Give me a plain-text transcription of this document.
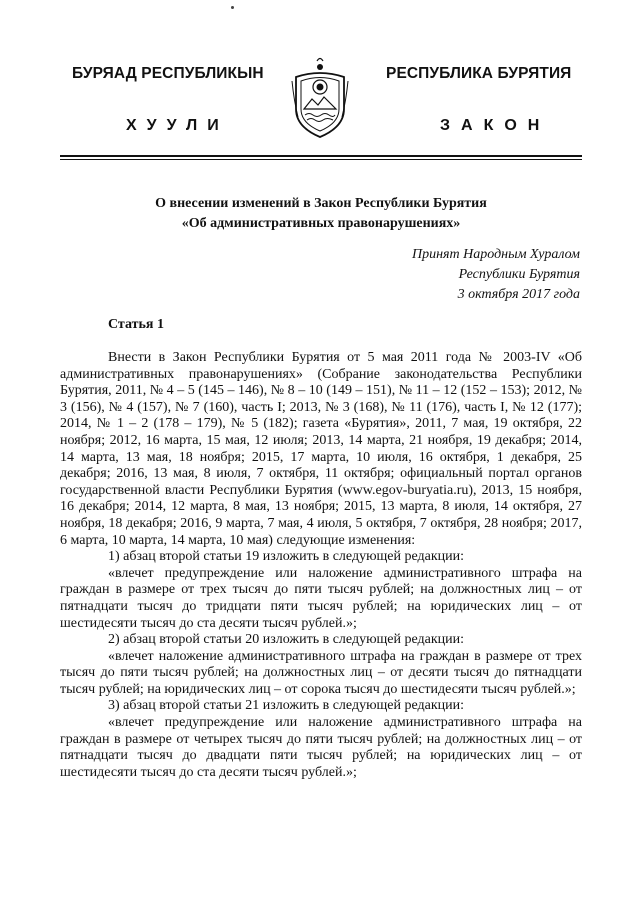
БУРЯАД РЕСПУБЛИКЫН
ХУУЛИ
РЕСПУБЛИКА БУРЯТИЯ
ЗАКОН
О внесении изменений в Закон Республики Бурятия
«Об административных правонарушениях»
Принят Народным Хуралом
Республики Бурятия
3 октября 2017 года
Статья 1

Внести в Закон Республики Бурятия от 5 мая 2011 года № 2003-IV «Об административных правонарушениях» (Собрание законодательства Республики Бурятия, 2011, № 4 – 5 (145 – 146), № 8 – 10 (149 – 151), № 11 – 12 (152 – 153); 2012, № 3 (156), № 4 (157), № 7 (160), часть I; 2013, № 3 (168), № 11 (176), часть I, № 12 (177); 2014, № 1 – 2 (178 – 179), № 5 (182); газета «Бурятия», 2011, 7 мая, 19 октября, 22 ноября; 2012, 16 марта, 15 мая, 12 июля; 2013, 14 марта, 21 ноября, 19 декабря; 2014, 14 марта, 13 мая, 18 ноября; 2015, 17 марта, 10 июля, 16 октября, 1 декабря, 25 декабря; 2016, 13 мая, 8 июля, 7 октября, 11 октября; официальный портал органов государственной власти Республики Бурятия (www.egov-buryatia.ru), 2013, 15 ноября, 16 декабря; 2014, 12 марта, 8 мая, 13 ноября; 2015, 13 марта, 8 июля, 14 октября, 27 ноября, 18 декабря; 2016, 9 марта, 7 мая, 4 июля, 5 октября, 7 октября, 28 ноября; 2017, 6 марта, 10 марта, 14 марта, 10 мая) следующие изменения:

1) абзац второй статьи 19 изложить в следующей редакции:

«влечет предупреждение или наложение административного штрафа на граждан в размере от трех тысяч до пяти тысяч рублей; на должностных лиц – от пятнадцати тысяч до тридцати пяти тысяч рублей; на юридических лиц – от шестидесяти тысяч до ста десяти тысяч рублей.»;

2) абзац второй статьи 20 изложить в следующей редакции:

«влечет наложение административного штрафа на граждан в размере от трех тысяч до пяти тысяч рублей; на должностных лиц – от десяти тысяч до пятнадцати тысяч рублей; на юридических лиц – от сорока тысяч до шестидесяти тысяч рублей.»;

3) абзац второй статьи 21 изложить в следующей редакции:

«влечет предупреждение или наложение административного штрафа на граждан в размере от четырех тысяч до пяти тысяч рублей; на должностных лиц – от пятнадцати тысяч до двадцати пяти тысяч рублей; на юридических лиц – от шестидесяти тысяч до ста десяти тысяч рублей.»;
